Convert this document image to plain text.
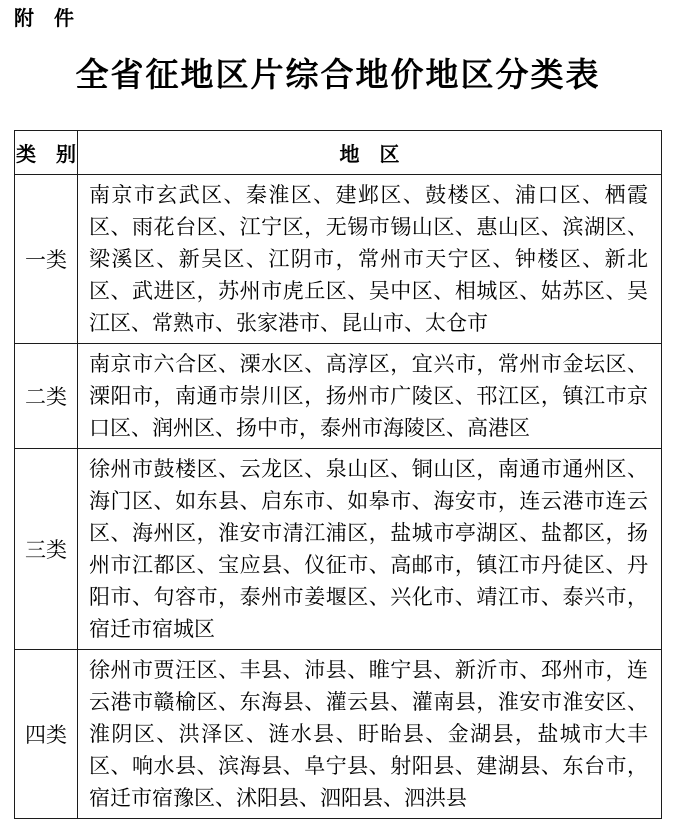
附　件
全省征地区片综合地价地区分类表
类　别	地　区
一类	南京市玄武区、秦淮区、建邺区、鼓楼区、浦口区、栖霞区、雨花台区、江宁区，无锡市锡山区、惠山区、滨湖区、梁溪区、新吴区、江阴市，常州市天宁区、钟楼区、新北区、武进区，苏州市虎丘区、吴中区、相城区、姑苏区、吴江区、常熟市、张家港市、昆山市、太仓市
二类	南京市六合区、溧水区、高淳区，宜兴市，常州市金坛区、溧阳市，南通市崇川区，扬州市广陵区、邗江区，镇江市京口区、润州区、扬中市，泰州市海陵区、高港区
三类	徐州市鼓楼区、云龙区、泉山区、铜山区，南通市通州区、海门区、如东县、启东市、如皋市、海安市，连云港市连云区、海州区，淮安市清江浦区，盐城市亭湖区、盐都区，扬州市江都区、宝应县、仪征市、高邮市，镇江市丹徒区、丹阳市、句容市，泰州市姜堰区、兴化市、靖江市、泰兴市，宿迁市宿城区
四类	徐州市贾汪区、丰县、沛县、睢宁县、新沂市、邳州市，连云港市赣榆区、东海县、灌云县、灌南县，淮安市淮安区、淮阴区、洪泽区、涟水县、盱眙县、金湖县，盐城市大丰区、响水县、滨海县、阜宁县、射阳县、建湖县、东台市，宿迁市宿豫区、沭阳县、泗阳县、泗洪县
